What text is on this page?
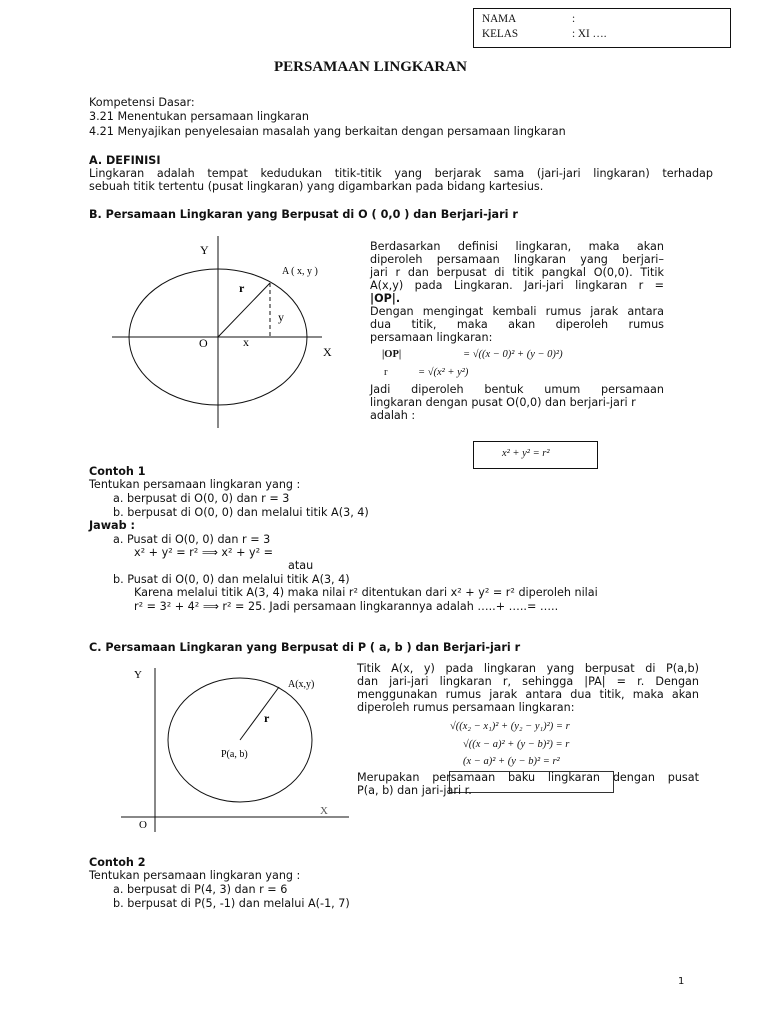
NAMA	:
KELAS	: XI ….
PERSAMAAN LINGKARAN
Kompetensi Dasar:
3.21 Menentukan persamaan lingkaran
4.21 Menyajikan penyelesaian masalah yang berkaitan dengan persamaan lingkaran
A. DEFINISI
Lingkaran adalah tempat kedudukan titik-titik yang berjarak sama (jari-jari lingkaran) terhadap
sebuah titik tertentu (pusat lingkaran) yang digambarkan pada bidang kartesius.
B. Persamaan Lingkaran yang Berpusat di O ( 0,0 ) dan Berjari-jari r
Y
X
O
A ( x, y )
r
y
x
Berdasarkan definisi lingkaran, maka akan
diperoleh persamaan lingkaran yang berjari–
jari r dan berpusat di titik pangkal O(0,0). Titik
A(x,y) pada Lingkaran. Jari-jari lingkaran r =
|OP|.
Dengan mengingat kembali rumus jarak antara
dua titik, maka akan diperoleh rumus
persamaan lingkaran:
|OP|	= √((x − 0)² + (y − 0)²)
r	= √(x² + y²)
Jadi diperoleh bentuk umum persamaan
lingkaran dengan pusat O(0,0) dan berjari-jari r
adalah :
x² + y² = r²
Contoh 1
Tentukan persamaan lingkaran yang :
a. berpusat di O(0, 0) dan r = 3
b. berpusat di O(0, 0) dan melalui titik A(3, 4)
Jawab :
a. Pusat di O(0, 0) dan r = 3
x² + y² = r² ⟹ x² + y² =
atau
b. Pusat di O(0, 0) dan melalui titik A(3, 4)
Karena melalui titik A(3, 4) maka nilai r² ditentukan dari x² + y² = r² diperoleh nilai
r² = 3² + 4² ⟹ r² = 25. Jadi persamaan lingkarannya adalah …..+ …..= …..
C. Persamaan Lingkaran yang Berpusat di P ( a, b ) dan Berjari-jari r
Y
X
O
A(x,y)
r
P(a, b)
Titik A(x, y) pada lingkaran yang berpusat di P(a,b)
dan jari-jari lingkaran r, sehingga |PA| = r. Dengan
menggunakan rumus jarak antara dua titik, maka akan
diperoleh rumus persamaan lingkaran:
√((x₂ − x₁)² + (y₂ − y₁)²) = r
√((x − a)² + (y − b)²) = r
(x − a)² + (y − b)² = r²
Merupakan persamaan baku lingkaran dengan pusat
P(a, b) dan jari-jari r.
Contoh 2
Tentukan persamaan lingkaran yang :
a. berpusat di P(4, 3) dan r = 6
b. berpusat di P(5, -1) dan melalui A(-1, 7)
1
